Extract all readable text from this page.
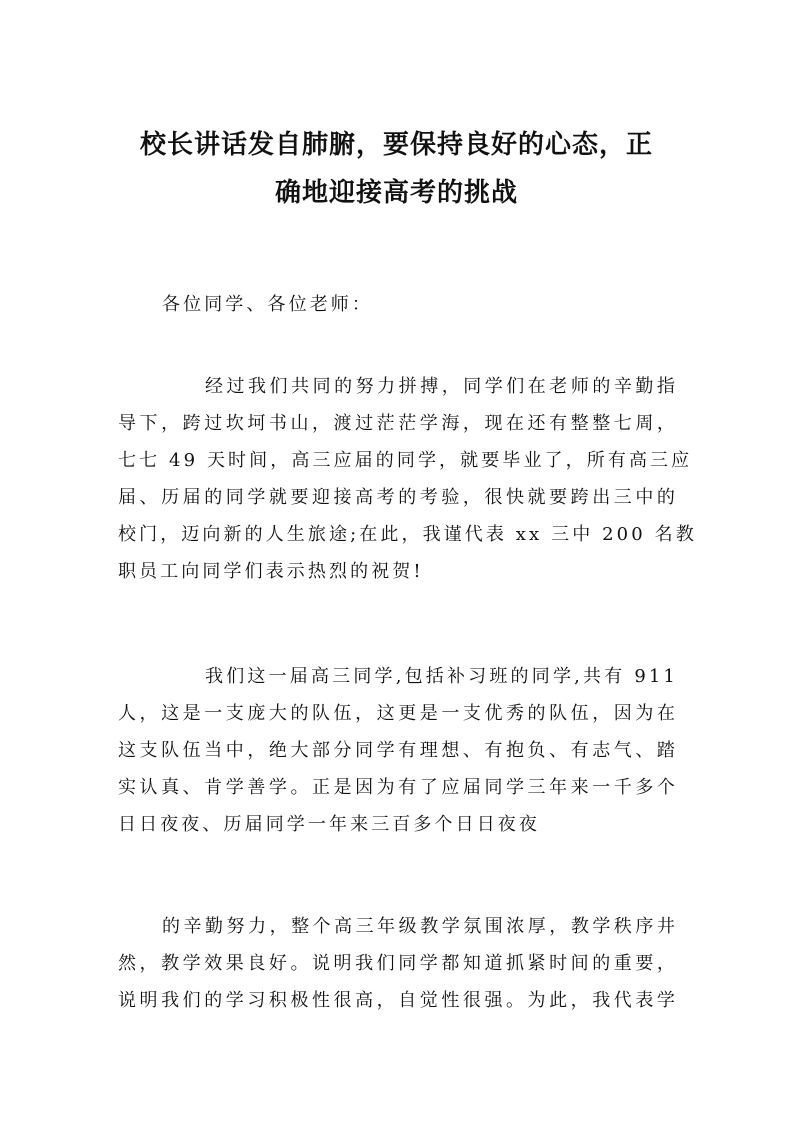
校长讲话发自肺腑，要保持良好的心态，正
确地迎接高考的挑战
各位同学、各位老师：
经过我们共同的努力拼搏，同学们在老师的辛勤指
导下，跨过坎坷书山，渡过茫茫学海，现在还有整整七周，
七七 49 天时间，高三应届的同学，就要毕业了，所有高三应
届、历届的同学就要迎接高考的考验，很快就要跨出三中的
校门，迈向新的人生旅途;在此，我谨代表 xx 三中 200 名教
职员工向同学们表示热烈的祝贺!
我们这一届高三同学,包括补习班的同学,共有 911
人，这是一支庞大的队伍，这更是一支优秀的队伍，因为在
这支队伍当中，绝大部分同学有理想、有抱负、有志气、踏
实认真、肯学善学。正是因为有了应届同学三年来一千多个
日日夜夜、历届同学一年来三百多个日日夜夜
的辛勤努力，整个高三年级教学氛围浓厚，教学秩序井
然，教学效果良好。说明我们同学都知道抓紧时间的重要，
说明我们的学习积极性很高，自觉性很强。为此，我代表学
